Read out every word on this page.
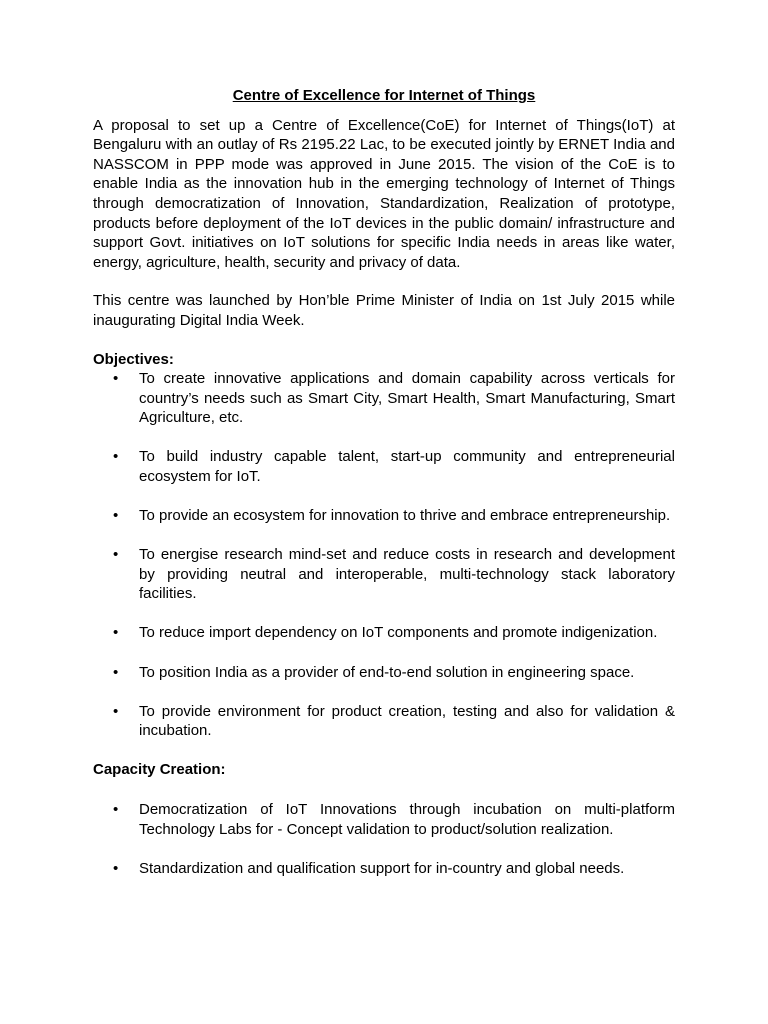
Centre of Excellence for Internet of Things

A proposal to set up a Centre of Excellence(CoE) for Internet of Things(IoT) at Bengaluru with an outlay of Rs 2195.22 Lac, to be executed jointly by ERNET India and NASSCOM in PPP mode was approved in June 2015. The vision of the CoE is to enable India as the innovation hub in the emerging technology of Internet of Things through democratization of Innovation, Standardization, Realization of prototype, products before deployment of the IoT devices in the public domain/ infrastructure and support Govt. initiatives on IoT solutions for specific India needs in areas like water, energy, agriculture, health, security and privacy of data.

This centre was launched by Hon’ble Prime Minister of India on 1st July 2015 while inaugurating Digital India Week.

Objectives:
• To create innovative applications and domain capability across verticals for country’s needs such as Smart City, Smart Health, Smart Manufacturing, Smart Agriculture, etc.
• To build industry capable talent, start-up community and entrepreneurial ecosystem for IoT.
• To provide an ecosystem for innovation to thrive and embrace entrepreneurship.
• To energise research mind-set and reduce costs in research and development by providing neutral and interoperable, multi-technology stack laboratory facilities.
• To reduce import dependency on IoT components and promote indigenization.
• To position India as a provider of end-to-end solution in engineering space.
• To provide environment for product creation, testing and also for validation & incubation.
Capacity Creation:
• Democratization of IoT Innovations through incubation on multi-platform Technology Labs for - Concept validation to product/solution realization.
• Standardization and qualification support for in-country and global needs.
